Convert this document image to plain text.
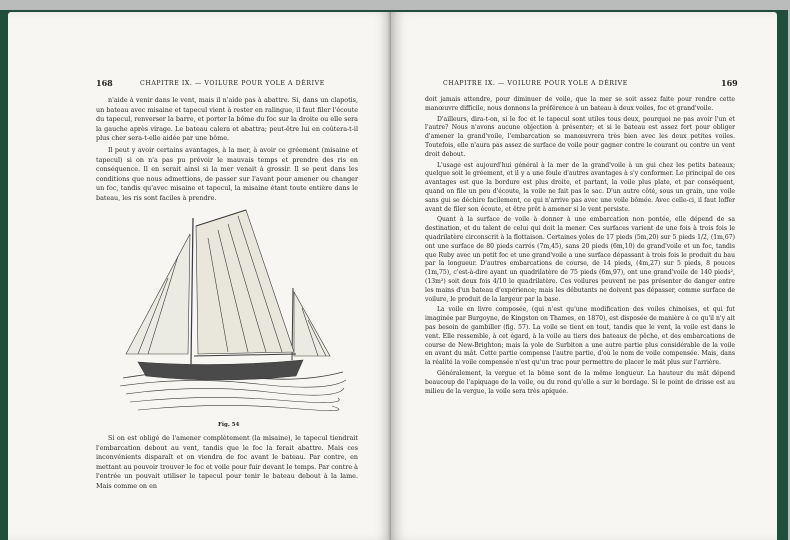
168	CHAPITRE IX. — VOILURE POUR YOLE A DÉRIVE

n'aide à venir dans le vent, mais il n'aide pas à abattre. Si, dans un clapotis, un bateau avec misaine et tapecul vient à rester en ralingue, il faut filer l'écoute du tapecul, renverser la barre, et porter la bôme du foc sur la droite ou elle sera la gauche après virage. Le bateau calera et abattra; peut-être lui en coûtera-t-il plus cher sera-t-elle aidée par une bôme.

Il peut y avoir certains avantages, à la mer, à avoir ce gréement (misaine et tapecul) si on n'a pas pu prévoir le mauvais temps et prendre des ris en conséquence. Il en serait ainsi si la mer venait à grossir. Il se peut dans les conditions que nous admettions, de passer sur l'avant pour amener ou changer un foc, tandis qu'avec misaine et tapecul, la misaine étant toute entière dans le bateau, les ris sont faciles à prendre.

Fig. 54

Si on est obligé de l'amener complètement (la misaine), le tapecul tiendrait l'embarcation debout au vent, tandis que le foc la ferait abattre. Mais ces inconvénients disparaît et on viendra de foc avant le bateau. Par contre, en mettant au pouvoir trouver le foc et voile pour fuir devant le temps. Par contre à l'entrée un pouvait utiliser le tapecul pour tenir le bateau debout à la lame. Mais comme on en

CHAPITRE IX. — VOILURE POUR YOLE A DÉRIVE	169

doit jamais attendre, pour diminuer de voile, que la mer se soit assez faite pour rendre cette manœuvre difficile, nous donnons la préférence à un bateau à deux voiles, foc et grand'voile.

D'ailleurs, dira-t-on, si le foc et le tapecul sont utiles tous deux, pourquoi ne pas avoir l'un et l'autre? Nous n'avons aucune objection à présenter; et si le bateau est assez fort pour obliger d'amener la grand'voile, l'embarcation se manœuvrera très bien avec les deux petites voiles. Toutefois, elle n'aura pas assez de surface de voile pour gagner contre le courant ou contre un vent droit debout.

L'usage est aujourd'hui général à la mer de la grand'voile à un gui chez les petits bateaux; quelque soit le gréement, et il y a une foule d'autres avantages à s'y conformer. Le principal de ces avantages est que la bordure est plus droite, et partant, la voile plus plate, et par conséquent, quand on file un peu d'écoute, la voile ne fait pas le sac. D'un autre côté, sous un grain, une voile sans gui se déchire facilement, ce qui n'arrive pas avec une voile bômée. Avec celle-ci, il faut loffer avant de filer son écoute, et être prêt à amener si le vent persiste.

Quant à la surface de voile à donner à une embarcation non pontée, elle dépend de sa destination, et du talent de celui qui doit la mener. Ces surfaces varient de une fois à trois fois le quadrilatère circonscrit à la flottaison. Certaines yoles de 17 pieds (5m,20) sur 5 pieds 1/2, (1m,67) ont une surface de 80 pieds carrés (7m,45), sans 20 pieds (6m,10) de grand'voile et un foc, tandis que Ruby avec un petit foc et une grand'voile a une surface dépassant à trois fois le produit du bau par la longueur. D'autres embarcations de course, de 14 pieds, (4m,27) sur 5 pieds, 8 pouces (1m,75), c'est-à-dire ayant un quadrilatère de 75 pieds (6m,97), ont une grand'voile de 140 pieds², (13m²) soit deux fois 4/10 le quadrilatère. Ces voilures peuvent ne pas présenter de danger entre les mains d'un bateau d'expérience; mais les débutants ne doivent pas dépasser, comme surface de voilure, le produit de la largeur par la base.

La voile en livre composée, (qui n'est qu'une modification des voiles chinoises, et qui fut imaginée par Burgoyne, de Kingston on Thames, en 1870), est disposée de manière à ce qu'il n'y ait pas besoin de gambiller (fig. 57). La voile se tient en tout, tandis que le vent, la voile est dans le vent. Elle ressemble, à cet égard, à la voile au tiers des bateaux de pêche, et des embarcations de course de New-Brighton; mais la yole de Surbiton a une autre partie plus considérable de la voile en avant du mât. Cette partie compense l'autre partie, d'où le nom de voile compensée. Mais, dans la réalité la voile compensée n'est qu'un trac pour permettre de placer le mât plus sur l'arrière.

Généralement, la vergue et la bôme sont de la même longueur. La hauteur du mât dépend beaucoup de l'apiquage de la voile, ou du rond qu'elle a sur le bordage. Si le point de drisse est au milieu de la vergue, la voile sera très apiquée.
